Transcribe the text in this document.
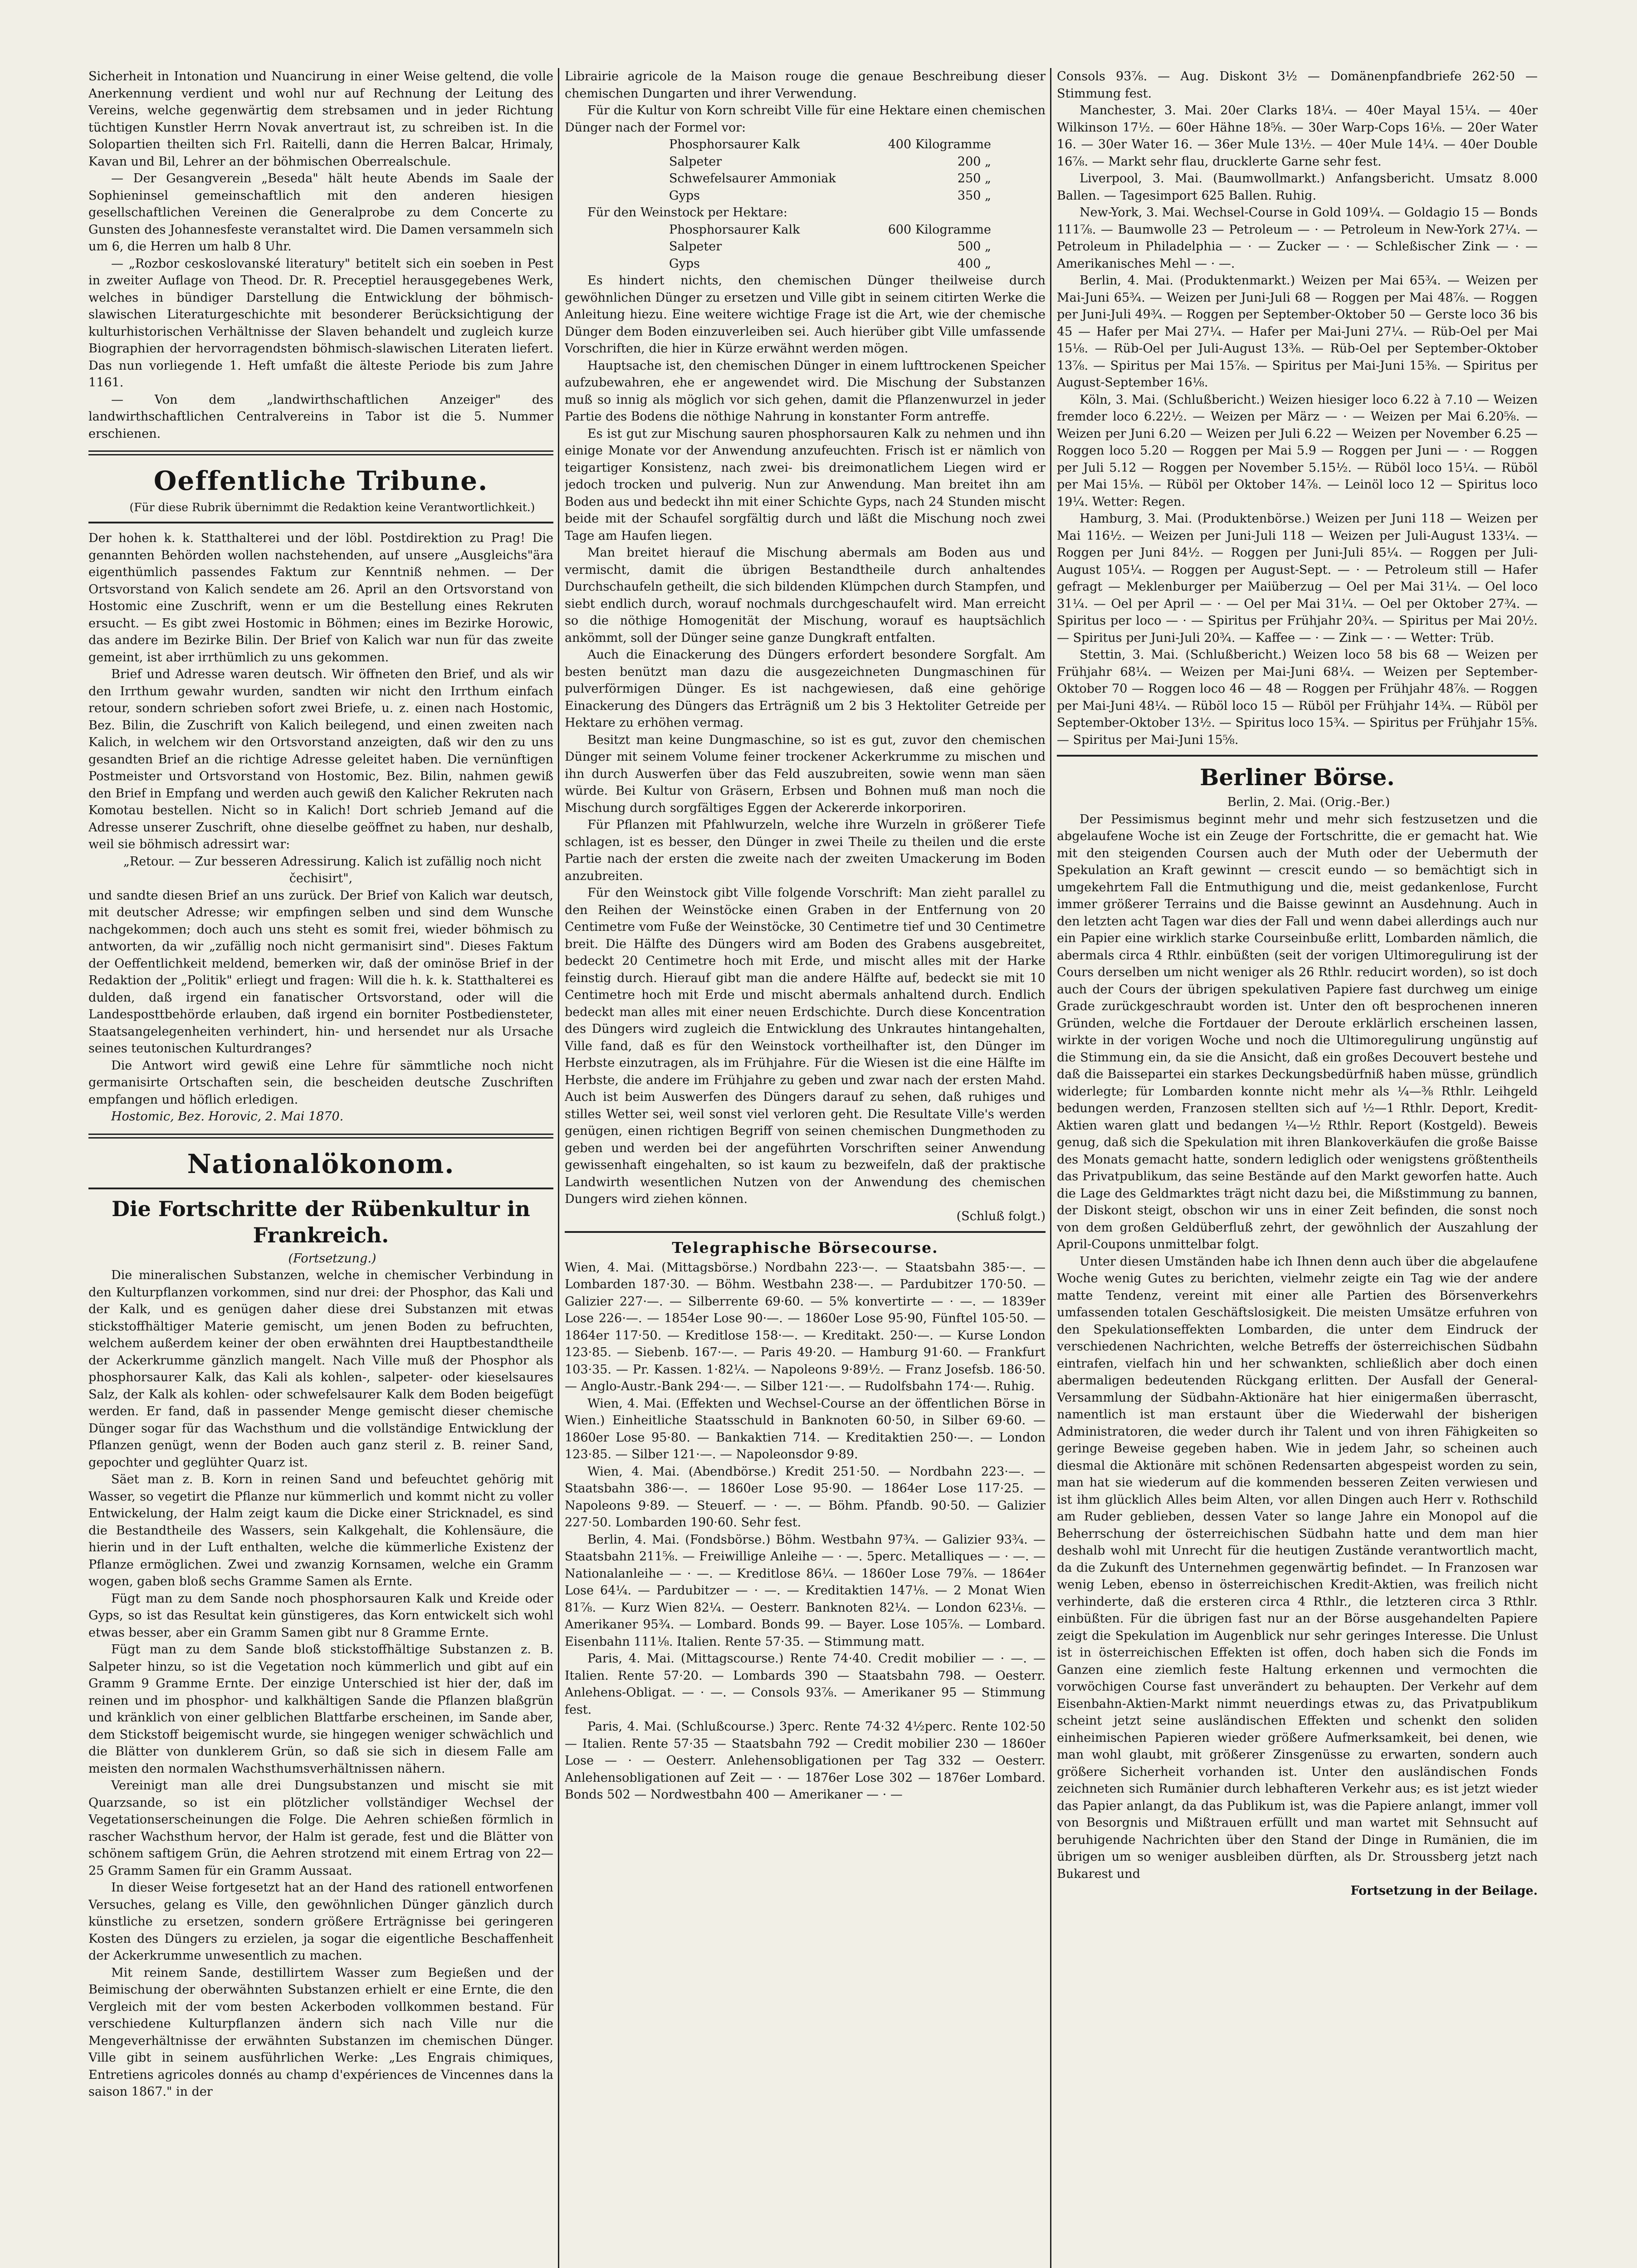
Sicherheit in Intonation und Nuancirung in einer Weise geltend, die volle Anerkennung verdient und wohl nur auf Rechnung der Leitung des Vereins, welche gegenwärtig dem strebsamen und in jeder Richtung tüchtigen Kunstler Herrn Novak anvertraut ist, zu schreiben ist. In die Solopartien theilten sich Frl. Raitelli, dann die Herren Balcar, Hrimaly, Kavan und Bil, Lehrer an der böhmischen Oberrealschule.

— Der Gesangverein „Beseda" hält heute Abends im Saale der Sophieninsel gemeinschaftlich mit den anderen hiesigen gesellschaftlichen Vereinen die Generalprobe zu dem Concerte zu Gunsten des Johannesfeste veranstaltet wird. Die Damen versammeln sich um 6, die Herren um halb 8 Uhr.

— „Rozbor ceskoslovanské literatury" betitelt sich ein soeben in Pest in zweiter Auflage von Theod. Dr. R. Preceptiel herausgegebenes Werk, welches in bündiger Darstellung die Entwicklung der böhmisch-slawischen Literaturgeschichte mit besonderer Berücksichtigung der kulturhistorischen Verhältnisse der Slaven behandelt und zugleich kurze Biographien der hervorragendsten böhmisch-slawischen Literaten liefert. Das nun vorliegende 1. Heft umfaßt die älteste Periode bis zum Jahre 1161.

— Von dem „landwirthschaftlichen Anzeiger" des landwirthschaftlichen Centralvereins in Tabor ist die 5. Nummer erschienen.

Oeffentliche Tribune.

(Für diese Rubrik übernimmt die Redaktion keine Verantwortlichkeit.)

Der hohen k. k. Statthalterei und der löbl. Postdirektion zu Prag! Die genannten Behörden wollen nachstehenden, auf unsere „Ausgleichs"ära eigenthümlich passendes Faktum zur Kenntniß nehmen. — Der Ortsvorstand von Kalich sendete am 26. April an den Ortsvorstand von Hostomic eine Zuschrift, wenn er um die Bestellung eines Rekruten ersucht. — Es gibt zwei Hostomic in Böhmen; eines im Bezirke Horowic, das andere im Bezirke Bilin. Der Brief von Kalich war nun für das zweite gemeint, ist aber irrthümlich zu uns gekommen.

Brief und Adresse waren deutsch. Wir öffneten den Brief, und als wir den Irrthum gewahr wurden, sandten wir nicht den Irrthum einfach retour, sondern schrieben sofort zwei Briefe, u. z. einen nach Hostomic, Bez. Bilin, die Zuschrift von Kalich beilegend, und einen zweiten nach Kalich, in welchem wir den Ortsvorstand anzeigten, daß wir den zu uns gesandten Brief an die richtige Adresse geleitet haben. Die vernünftigen Postmeister und Ortsvorstand von Hostomic, Bez. Bilin, nahmen gewiß den Brief in Empfang und werden auch gewiß den Kalicher Rekruten nach Komotau bestellen. Nicht so in Kalich! Dort schrieb Jemand auf die Adresse unserer Zuschrift, ohne dieselbe geöffnet zu haben, nur deshalb, weil sie böhmisch adressirt war:

„Retour. — Zur besseren Adressirung. Kalich ist zufällig noch nicht čechisirt",

und sandte diesen Brief an uns zurück. Der Brief von Kalich war deutsch, mit deutscher Adresse; wir empfingen selben und sind dem Wunsche nachgekommen; doch auch uns steht es somit frei, wieder böhmisch zu antworten, da wir „zufällig noch nicht germanisirt sind". Dieses Faktum der Oeffentlichkeit meldend, bemerken wir, daß der ominöse Brief in der Redaktion der „Politik" erliegt und fragen: Will die h. k. k. Statthalterei es dulden, daß irgend ein fanatischer Ortsvorstand, oder will die Landesposttbehörde erlauben, daß irgend ein borniter Postbediensteter, Staatsangelegenheiten verhindert, hin- und hersendet nur als Ursache seines teutonischen Kulturdranges?

Die Antwort wird gewiß eine Lehre für sämmtliche noch nicht germanisirte Ortschaften sein, die bescheiden deutsche Zuschriften empfangen und höflich erledigen.

Hostomic, Bez. Horovic, 2. Mai 1870.

Nationalökonom.
Die Fortschritte der Rübenkultur in Frankreich.

(Fortsetzung.)

Die mineralischen Substanzen, welche in chemischer Verbindung in den Kulturpflanzen vorkommen, sind nur drei: der Phosphor, das Kali und der Kalk, und es genügen daher diese drei Substanzen mit etwas stickstoffhältiger Materie gemischt, um jenen Boden zu befruchten, welchem außerdem keiner der oben erwähnten drei Hauptbestandtheile der Ackerkrumme gänzlich mangelt. Nach Ville muß der Phosphor als phosphorsaurer Kalk, das Kali als kohlen-, salpeter- oder kieselsaures Salz, der Kalk als kohlen- oder schwefelsaurer Kalk dem Boden beigefügt werden. Er fand, daß in passender Menge gemischt dieser chemische Dünger sogar für das Wachsthum und die vollständige Entwicklung der Pflanzen genügt, wenn der Boden auch ganz steril z. B. reiner Sand, gepochter und geglühter Quarz ist.

Säet man z. B. Korn in reinen Sand und befeuchtet gehörig mit Wasser, so vegetirt die Pflanze nur kümmerlich und kommt nicht zu voller Entwickelung, der Halm zeigt kaum die Dicke einer Stricknadel, es sind die Bestandtheile des Wassers, sein Kalkgehalt, die Kohlensäure, die hierin und in der Luft enthalten, welche die kümmerliche Existenz der Pflanze ermöglichen. Zwei und zwanzig Kornsamen, welche ein Gramm wogen, gaben bloß sechs Gramme Samen als Ernte.

Fügt man zu dem Sande noch phosphorsauren Kalk und Kreide oder Gyps, so ist das Resultat kein günstigeres, das Korn entwickelt sich wohl etwas besser, aber ein Gramm Samen gibt nur 8 Gramme Ernte.

Fügt man zu dem Sande bloß stickstoffhältige Substanzen z. B. Salpeter hinzu, so ist die Vegetation noch kümmerlich und gibt auf ein Gramm 9 Gramme Ernte. Der einzige Unterschied ist hier der, daß im reinen und im phosphor- und kalkhältigen Sande die Pflanzen blaßgrün und kränklich von einer gelblichen Blattfarbe erscheinen, im Sande aber, dem Stickstoff beigemischt wurde, sie hingegen weniger schwächlich und die Blätter von dunklerem Grün, so daß sie sich in diesem Falle am meisten den normalen Wachsthumsverhältnissen nähern.

Vereinigt man alle drei Dungsubstanzen und mischt sie mit Quarzsande, so ist ein plötzlicher vollständiger Wechsel der Vegetationserscheinungen die Folge. Die Aehren schießen förmlich in rascher Wachsthum hervor, der Halm ist gerade, fest und die Blätter von schönem saftigem Grün, die Aehren strotzend mit einem Ertrag von 22—25 Gramm Samen für ein Gramm Aussaat.

In dieser Weise fortgesetzt hat an der Hand des rationell entworfenen Versuches, gelang es Ville, den gewöhnlichen Dünger gänzlich durch künstliche zu ersetzen, sondern größere Erträgnisse bei geringeren Kosten des Düngers zu erzielen, ja sogar die eigentliche Beschaffenheit der Ackerkrumme unwesentlich zu machen.

Mit reinem Sande, destillirtem Wasser zum Begießen und der Beimischung der oberwähnten Substanzen erhielt er eine Ernte, die den Vergleich mit der vom besten Ackerboden vollkommen bestand. Für verschiedene Kulturpflanzen ändern sich nach Ville nur die Mengeverhältnisse der erwähnten Substanzen im chemischen Dünger. Ville gibt in seinem ausführlichen Werke: „Les Engrais chimiques, Entretiens agricoles donnés au champ d'expériences de Vincennes dans la saison 1867." in der

Librairie agricole de la Maison rouge die genaue Beschreibung dieser chemischen Dungarten und ihrer Verwendung.

Für die Kultur von Korn schreibt Ville für eine Hektare einen chemischen Dünger nach der Formel vor:

Phosphorsaurer Kalk	400 Kilogramme

Salpeter	200 „

Schwefelsaurer Ammoniak	250 „

Gyps	350 „

Für den Weinstock per Hektare:

Phosphorsaurer Kalk	600 Kilogramme

Salpeter	500 „

Gyps	400 „

Es hindert nichts, den chemischen Dünger theilweise durch gewöhnlichen Dünger zu ersetzen und Ville gibt in seinem citirten Werke die Anleitung hiezu. Eine weitere wichtige Frage ist die Art, wie der chemische Dünger dem Boden einzuverleiben sei. Auch hierüber gibt Ville umfassende Vorschriften, die hier in Kürze erwähnt werden mögen.

Hauptsache ist, den chemischen Dünger in einem lufttrockenen Speicher aufzubewahren, ehe er angewendet wird. Die Mischung der Substanzen muß so innig als möglich vor sich gehen, damit die Pflanzenwurzel in jeder Partie des Bodens die nöthige Nahrung in konstanter Form antreffe.

Es ist gut zur Mischung sauren phosphorsauren Kalk zu nehmen und ihn einige Monate vor der Anwendung anzufeuchten. Frisch ist er nämlich von teigartiger Konsistenz, nach zwei- bis dreimonatlichem Liegen wird er jedoch trocken und pulverig. Nun zur Anwendung. Man breitet ihn am Boden aus und bedeckt ihn mit einer Schichte Gyps, nach 24 Stunden mischt beide mit der Schaufel sorgfältig durch und läßt die Mischung noch zwei Tage am Haufen liegen.

Man breitet hierauf die Mischung abermals am Boden aus und vermischt, damit die übrigen Bestandtheile durch anhaltendes Durchschaufeln getheilt, die sich bildenden Klümpchen durch Stampfen, und siebt endlich durch, worauf nochmals durchgeschaufelt wird. Man erreicht so die nöthige Homogenität der Mischung, worauf es hauptsächlich ankömmt, soll der Dünger seine ganze Dungkraft entfalten.

Auch die Einackerung des Düngers erfordert besondere Sorgfalt. Am besten benützt man dazu die ausgezeichneten Dungmaschinen für pulverförmigen Dünger. Es ist nachgewiesen, daß eine gehörige Einackerung des Düngers das Erträgniß um 2 bis 3 Hektoliter Getreide per Hektare zu erhöhen vermag.

Besitzt man keine Dungmaschine, so ist es gut, zuvor den chemischen Dünger mit seinem Volume feiner trockener Ackerkrumme zu mischen und ihn durch Auswerfen über das Feld auszubreiten, sowie wenn man säen würde. Bei Kultur von Gräsern, Erbsen und Bohnen muß man noch die Mischung durch sorgfältiges Eggen der Ackererde inkorporiren.

Für Pflanzen mit Pfahlwurzeln, welche ihre Wurzeln in größerer Tiefe schlagen, ist es besser, den Dünger in zwei Theile zu theilen und die erste Partie nach der ersten die zweite nach der zweiten Umackerung im Boden anzubreiten.

Für den Weinstock gibt Ville folgende Vorschrift: Man zieht parallel zu den Reihen der Weinstöcke einen Graben in der Entfernung von 20 Centimetre vom Fuße der Weinstöcke, 30 Centimetre tief und 30 Centimetre breit. Die Hälfte des Düngers wird am Boden des Grabens ausgebreitet, bedeckt 20 Centimetre hoch mit Erde, und mischt alles mit der Harke feinstig durch. Hierauf gibt man die andere Hälfte auf, bedeckt sie mit 10 Centimetre hoch mit Erde und mischt abermals anhaltend durch. Endlich bedeckt man alles mit einer neuen Erdschichte. Durch diese Koncentration des Düngers wird zugleich die Entwicklung des Unkrautes hintangehalten, Ville fand, daß es für den Weinstock vortheilhafter ist, den Dünger im Herbste einzutragen, als im Frühjahre. Für die Wiesen ist die eine Hälfte im Herbste, die andere im Frühjahre zu geben und zwar nach der ersten Mahd. Auch ist beim Auswerfen des Düngers darauf zu sehen, daß ruhiges und stilles Wetter sei, weil sonst viel verloren geht. Die Resultate Ville's werden genügen, einen richtigen Begriff von seinen chemischen Dungmethoden zu geben und werden bei der angeführten Vorschriften seiner Anwendung gewissenhaft eingehalten, so ist kaum zu bezweifeln, daß der praktische Landwirth wesentlichen Nutzen von der Anwendung des chemischen Dungers wird ziehen können.

(Schluß folgt.)

Telegraphische Börsecourse.

Wien, 4. Mai. (Mittagsbörse.) Nordbahn 223·—. — Staatsbahn 385·—. — Lombarden 187·30. — Böhm. Westbahn 238·—. — Pardubitzer 170·50. — Galizier 227·—. — Silberrente 69·60. — 5% konvertirte — · —. — 1839er Lose 226·—. — 1854er Lose 90·—. — 1860er Lose 95·90, Fünftel 105·50. — 1864er 117·50. — Kreditlose 158·—. — Kreditakt. 250·—. — Kurse London 123·85. — Siebenb. 167·—. — Paris 49·20. — Hamburg 91·60. — Frankfurt 103·35. — Pr. Kassen. 1·82¼. — Napoleons 9·89½. — Franz Josefsb. 186·50. — Anglo-Austr.-Bank 294·—. — Silber 121·—. — Rudolfsbahn 174·—. Ruhig.

Wien, 4. Mai. (Effekten und Wechsel-Course an der öffentlichen Börse in Wien.) Einheitliche Staatsschuld in Banknoten 60·50, in Silber 69·60. — 1860er Lose 95·80. — Bankaktien 714. — Kreditaktien 250·—. — London 123·85. — Silber 121·—. — Napoleonsdor 9·89.

Wien, 4. Mai. (Abendbörse.) Kredit 251·50. — Nordbahn 223·—. — Staatsbahn 386·—. — 1860er Lose 95·90. — 1864er Lose 117·25. — Napoleons 9·89. — Steuerf. — · —. — Böhm. Pfandb. 90·50. — Galizier 227·50. Lombarden 190·60. Sehr fest.

Berlin, 4. Mai. (Fondsbörse.) Böhm. Westbahn 97¾. — Galizier 93¾. — Staatsbahn 211⅝. — Freiwillige Anleihe — · —. 5perc. Metalliques — · —. — Nationalanleihe — · —. — Kreditlose 86¼. — 1860er Lose 79⅞. — 1864er Lose 64¼. — Pardubitzer — · —. — Kreditaktien 147⅛. — 2 Monat Wien 81⅞. — Kurz Wien 82¼. — Oesterr. Banknoten 82¼. — London 623⅛. — Amerikaner 95¾. — Lombard. Bonds 99. — Bayer. Lose 105⅞. — Lombard. Eisenbahn 111⅛. Italien. Rente 57·35. — Stimmung matt.

Paris, 4. Mai. (Mittagscourse.) Rente 74·40. Credit mobilier — · —. — Italien. Rente 57·20. — Lombards 390 — Staatsbahn 798. — Oesterr. Anlehens-Obligat. — · —. — Consols 93⅞. — Amerikaner 95 — Stimmung fest.

Paris, 4. Mai. (Schlußcourse.) 3perc. Rente 74·32 4½perc. Rente 102·50 — Italien. Rente 57·35 — Staatsbahn 792 — Credit mobilier 230 — 1860er Lose — · — Oesterr. Anlehensobligationen per Tag 332 — Oesterr. Anlehensobligationen auf Zeit — · — 1876er Lose 302 — 1876er Lombard. Bonds 502 — Nordwestbahn 400 — Amerikaner — · —

Consols 93⅞. — Aug. Diskont 3½ — Domänenpfandbriefe 262·50 — Stimmung fest.

Manchester, 3. Mai. 20er Clarks 18¼. — 40er Mayal 15¼. — 40er Wilkinson 17½. — 60er Hähne 18⅝. — 30er Warp-Cops 16⅛. — 20er Water 16. — 30er Water 16. — 36er Mule 13½. — 40er Mule 14¼. — 40er Double 16⅞. — Markt sehr flau, drucklerte Garne sehr fest.

Liverpool, 3. Mai. (Baumwollmarkt.) Anfangsbericht. Umsatz 8.000 Ballen. — Tagesimport 625 Ballen. Ruhig.

New-York, 3. Mai. Wechsel-Course in Gold 109¼. — Goldagio 15 — Bonds 111⅞. — Baumwolle 23 — Petroleum — · — Petroleum in New-York 27¼. — Petroleum in Philadelphia — · — Zucker — · — Schleßischer Zink — · — Amerikanisches Mehl — · —.

Berlin, 4. Mai. (Produktenmarkt.) Weizen per Mai 65¾. — Weizen per Mai-Juni 65¾. — Weizen per Juni-Juli 68 — Roggen per Mai 48⅞. — Roggen per Juni-Juli 49¾. — Roggen per September-Oktober 50 — Gerste loco 36 bis 45 — Hafer per Mai 27¼. — Hafer per Mai-Juni 27¼. — Rüb-Oel per Mai 15⅛. — Rüb-Oel per Juli-August 13⅜. — Rüb-Oel per September-Oktober 13⅞. — Spiritus per Mai 15⅞. — Spiritus per Mai-Juni 15⅜. — Spiritus per August-September 16⅛.

Köln, 3. Mai. (Schlußbericht.) Weizen hiesiger loco 6.22 à 7.10 — Weizen fremder loco 6.22½. — Weizen per März — · — Weizen per Mai 6.20⅝. — Weizen per Juni 6.20 — Weizen per Juli 6.22 — Weizen per November 6.25 — Roggen loco 5.20 — Roggen per Mai 5.9 — Roggen per Juni — · — Roggen per Juli 5.12 — Roggen per November 5.15½. — Rüböl loco 15¼. — Rüböl per Mai 15⅛. — Rüböl per Oktober 14⅞. — Leinöl loco 12 — Spiritus loco 19¼. Wetter: Regen.

Hamburg, 3. Mai. (Produktenbörse.) Weizen per Juni 118 — Weizen per Mai 116½. — Weizen per Juni-Juli 118 — Weizen per Juli-August 133¼. — Roggen per Juni 84½. — Roggen per Juni-Juli 85¼. — Roggen per Juli-August 105¼. — Roggen per August-Sept. — · — Petroleum still — Hafer gefragt — Meklenburger per Maiüberzug — Oel per Mai 31¼. — Oel loco 31¼. — Oel per April — · — Oel per Mai 31¼. — Oel per Oktober 27¾. — Spiritus per loco — · — Spiritus per Frühjahr 20¾. — Spiritus per Mai 20½. — Spiritus per Juni-Juli 20¾. — Kaffee — · — Zink — · — Wetter: Trüb.

Stettin, 3. Mai. (Schlußbericht.) Weizen loco 58 bis 68 — Weizen per Frühjahr 68¼. — Weizen per Mai-Juni 68¼. — Weizen per September-Oktober 70 — Roggen loco 46 — 48 — Roggen per Frühjahr 48⅞. — Roggen per Mai-Juni 48¼. — Rüböl loco 15 — Rüböl per Frühjahr 14¾. — Rüböl per September-Oktober 13½. — Spiritus loco 15¾. — Spiritus per Frühjahr 15⅝. — Spiritus per Mai-Juni 15⅝.

Berliner Börse.

Berlin, 2. Mai. (Orig.-Ber.)

Der Pessimismus beginnt mehr und mehr sich festzusetzen und die abgelaufene Woche ist ein Zeuge der Fortschritte, die er gemacht hat. Wie mit den steigenden Coursen auch der Muth oder der Uebermuth der Spekulation an Kraft gewinnt — crescit eundo — so bemächtigt sich in umgekehrtem Fall die Entmuthigung und die, meist gedankenlose, Furcht immer größerer Terrains und die Baisse gewinnt an Ausdehnung. Auch in den letzten acht Tagen war dies der Fall und wenn dabei allerdings auch nur ein Papier eine wirklich starke Courseinbuße erlitt, Lombarden nämlich, die abermals circa 4 Rthlr. einbüßten (seit der vorigen Ultimoregulirung ist der Cours derselben um nicht weniger als 26 Rthlr. reducirt worden), so ist doch auch der Cours der übrigen spekulativen Papiere fast durchweg um einige Grade zurückgeschraubt worden ist. Unter den oft besprochenen inneren Gründen, welche die Fortdauer der Deroute erklärlich erscheinen lassen, wirkte in der vorigen Woche und noch die Ultimoregulirung ungünstig auf die Stimmung ein, da sie die Ansicht, daß ein großes Decouvert bestehe und daß die Baissepartei ein starkes Deckungsbedürfniß haben müsse, gründlich widerlegte; für Lombarden konnte nicht mehr als ¼—⅜ Rthlr. Leihgeld bedungen werden, Franzosen stellten sich auf ½—1 Rthlr. Deport, Kredit-Aktien waren glatt und bedangen ¼—½ Rthlr. Report (Kostgeld). Beweis genug, daß sich die Spekulation mit ihren Blankoverkäufen die große Baisse des Monats gemacht hatte, sondern lediglich oder wenigstens größtentheils das Privatpublikum, das seine Bestände auf den Markt geworfen hatte. Auch die Lage des Geldmarktes trägt nicht dazu bei, die Mißstimmung zu bannen, der Diskont steigt, obschon wir uns in einer Zeit befinden, die sonst noch von dem großen Geldüberfluß zehrt, der gewöhnlich der Auszahlung der April-Coupons unmittelbar folgt.

Unter diesen Umständen habe ich Ihnen denn auch über die abgelaufene Woche wenig Gutes zu berichten, vielmehr zeigte ein Tag wie der andere matte Tendenz, vereint mit einer alle Partien des Börsenverkehrs umfassenden totalen Geschäftslosigkeit. Die meisten Umsätze erfuhren von den Spekulationseffekten Lombarden, die unter dem Eindruck der verschiedenen Nachrichten, welche Betreffs der österreichischen Südbahn eintrafen, vielfach hin und her schwankten, schließlich aber doch einen abermaligen bedeutenden Rückgang erlitten. Der Ausfall der General-Versammlung der Südbahn-Aktionäre hat hier einigermaßen überrascht, namentlich ist man erstaunt über die Wiederwahl der bisherigen Administratoren, die weder durch ihr Talent und von ihren Fähigkeiten so geringe Beweise gegeben haben. Wie in jedem Jahr, so scheinen auch diesmal die Aktionäre mit schönen Redensarten abgespeist worden zu sein, man hat sie wiederum auf die kommenden besseren Zeiten verwiesen und ist ihm glücklich Alles beim Alten, vor allen Dingen auch Herr v. Rothschild am Ruder geblieben, dessen Vater so lange Jahre ein Monopol auf die Beherrschung der österreichischen Südbahn hatte und dem man hier deshalb wohl mit Unrecht für die heutigen Zustände verantwortlich macht, da die Zukunft des Unternehmen gegenwärtig befindet. — In Franzosen war wenig Leben, ebenso in österreichischen Kredit-Aktien, was freilich nicht verhinderte, daß die ersteren circa 4 Rthlr., die letzteren circa 3 Rthlr. einbüßten. Für die übrigen fast nur an der Börse ausgehandelten Papiere zeigt die Spekulation im Augenblick nur sehr geringes Interesse. Die Unlust ist in österreichischen Effekten ist offen, doch haben sich die Fonds im Ganzen eine ziemlich feste Haltung erkennen und vermochten die vorwöchigen Course fast unverändert zu behaupten. Der Verkehr auf dem Eisenbahn-Aktien-Markt nimmt neuerdings etwas zu, das Privatpublikum scheint jetzt seine ausländischen Effekten und schenkt den soliden einheimischen Papieren wieder größere Aufmerksamkeit, bei denen, wie man wohl glaubt, mit größerer Zinsgenüsse zu erwarten, sondern auch größere Sicherheit vorhanden ist. Unter den ausländischen Fonds zeichneten sich Rumänier durch lebhafteren Verkehr aus; es ist jetzt wieder das Papier anlangt, da das Publikum ist, was die Papiere anlangt, immer voll von Besorgnis und Mißtrauen erfüllt und man wartet mit Sehnsucht auf beruhigende Nachrichten über den Stand der Dinge in Rumänien, die im übrigen um so weniger ausbleiben dürften, als Dr. Stroussberg jetzt nach Bukarest und

Fortsetzung in der Beilage.
